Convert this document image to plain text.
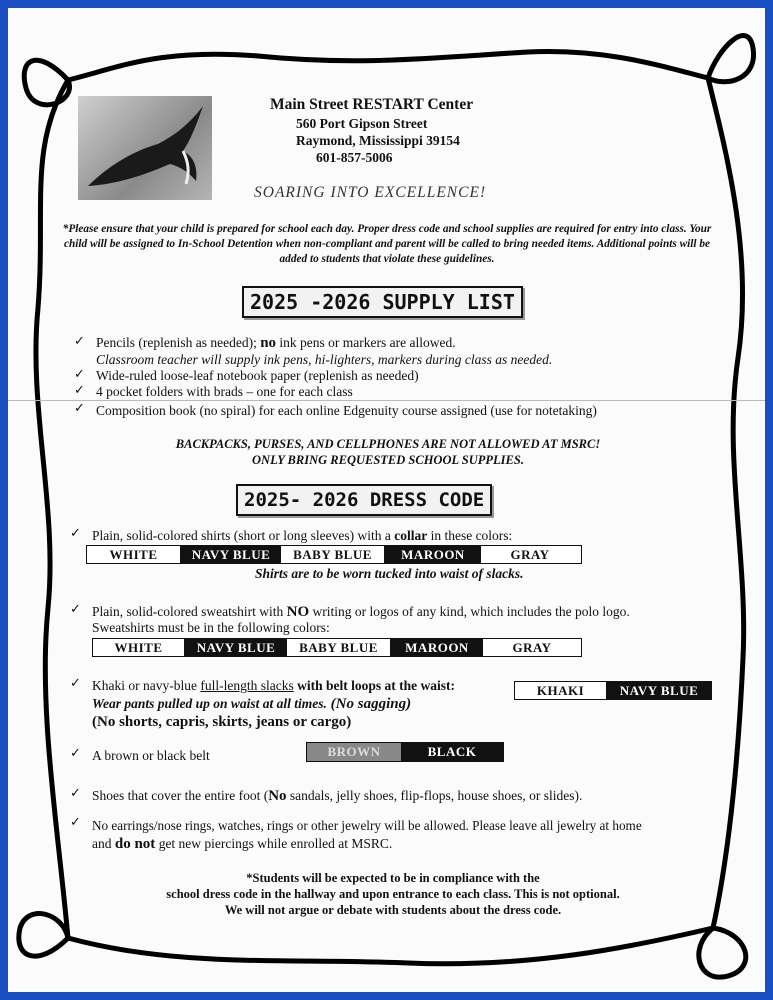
Main Street RESTART Center
560 Port Gipson Street
Raymond, Mississippi 39154
601-857-5006
SOARING INTO EXCELLENCE!
*Please ensure that your child is prepared for school each day. Proper dress code and school supplies are required for entry into class. Your child will be assigned to In-School Detention when non-compliant and parent will be called to bring needed items. Additional points will be added to students that violate these guidelines.
2025 -2026 SUPPLY LIST
✓ Pencils (replenish as needed); no ink pens or markers are allowed.
Classroom teacher will supply ink pens, hi-lighters, markers during class as needed.
✓ Wide-ruled loose-leaf notebook paper (replenish as needed)
✓ 4 pocket folders with brads – one for each class
✓ Composition book (no spiral) for each online Edgenuity course assigned (use for notetaking)
BACKPACKS, PURSES, AND CELLPHONES ARE NOT ALLOWED AT MSRC!
ONLY BRING REQUESTED SCHOOL SUPPLIES.
2025- 2026 DRESS CODE
✓ Plain, solid-colored shirts (short or long sleeves) with a collar in these colors:
WHITE	NAVY BLUE	BABY BLUE	MAROON	GRAY
Shirts are to be worn tucked into waist of slacks.
✓ Plain, solid-colored sweatshirt with NO writing or logos of any kind, which includes the polo logo.
Sweatshirts must be in the following colors:
WHITE	NAVY BLUE	BABY BLUE	MAROON	GRAY
✓ Khaki or navy-blue full-length slacks with belt loops at the waist:	KHAKI	NAVY BLUE
Wear pants pulled up on waist at all times. (No sagging)
(No shorts, capris, skirts, jeans or cargo)
✓ A brown or black belt	BROWN	BLACK
✓ Shoes that cover the entire foot (No sandals, jelly shoes, flip-flops, house shoes, or slides).
✓ No earrings/nose rings, watches, rings or other jewelry will be allowed. Please leave all jewelry at home
and do not get new piercings while enrolled at MSRC.
*Students will be expected to be in compliance with the
school dress code in the hallway and upon entrance to each class. This is not optional.
We will not argue or debate with students about the dress code.
